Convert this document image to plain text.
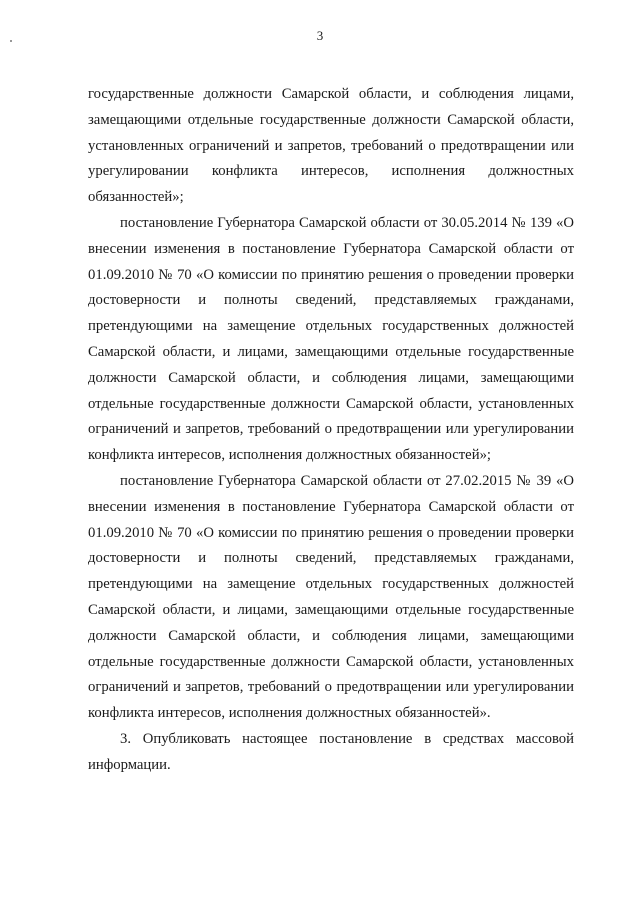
3

государственные должности Самарской области, и соблюдения лицами, замещающими отдельные государственные должности Самарской области, установленных ограничений и запретов, требований о предотвращении или урегулировании конфликта интересов, исполнения должностных обязанностей»;

постановление Губернатора Самарской области от 30.05.2014 № 139 «О внесении изменения в постановление Губернатора Самарской области от 01.09.2010 № 70 «О комиссии по принятию решения о проведении проверки достоверности и полноты сведений, представляемых гражданами, претендующими на замещение отдельных государственных должностей Самарской области, и лицами, замещающими отдельные государственные должности Самарской области, и соблюдения лицами, замещающими отдельные государственные должности Самарской области, установленных ограничений и запретов, требований о предотвращении или урегулировании конфликта интересов, исполнения должностных обязанностей»;

постановление Губернатора Самарской области от 27.02.2015 № 39 «О внесении изменения в постановление Губернатора Самарской области от 01.09.2010 № 70 «О комиссии по принятию решения о проведении проверки достоверности и полноты сведений, представляемых гражданами, претендующими на замещение отдельных государственных должностей Самарской области, и лицами, замещающими отдельные государственные должности Самарской области, и соблюдения лицами, замещающими отдельные государственные должности Самарской области, установленных ограничений и запретов, требований о предотвращении или урегулировании конфликта интересов, исполнения должностных обязанностей».

3. Опубликовать настоящее постановление в средствах массовой информации.
